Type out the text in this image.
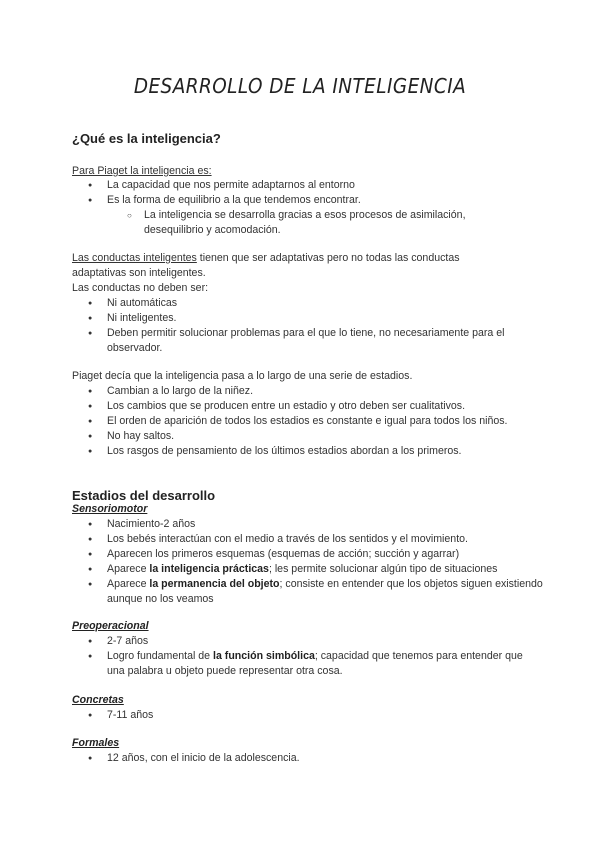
DESARROLLO DE LA INTELIGENCIA
¿Qué es la inteligencia?
Para Piaget la inteligencia es:
● La capacidad que nos permite adaptarnos al entorno
● Es la forma de equilibrio a la que tendemos encontrar.
○ La inteligencia se desarrolla gracias a esos procesos de asimilación, desequilibrio y acomodación.
Las conductas inteligentes tienen que ser adaptativas pero no todas las conductas adaptativas son inteligentes.
Las conductas no deben ser:
● Ni automáticas
● Ni inteligentes.
● Deben permitir solucionar problemas para el que lo tiene, no necesariamente para el observador.
Piaget decía que la inteligencia pasa a lo largo de una serie de estadios.
● Cambian a lo largo de la niñez.
● Los cambios que se producen entre un estadio y otro deben ser cualitativos.
● El orden de aparición de todos los estadios es constante e igual para todos los niños.
● No hay saltos.
● Los rasgos de pensamiento de los últimos estadios abordan a los primeros.
Estadios del desarrollo
Sensoriomotor
● Nacimiento-2 años
● Los bebés interactúan con el medio a través de los sentidos y el movimiento.
● Aparecen los primeros esquemas (esquemas de acción; succión y agarrar)
● Aparece la inteligencia prácticas; les permite solucionar algún tipo de situaciones
● Aparece la permanencia del objeto; consiste en entender que los objetos siguen existiendo aunque no los veamos
Preoperacional
● 2-7 años
● Logro fundamental de la función simbólica; capacidad que tenemos para entender que una palabra u objeto puede representar otra cosa.
Concretas
● 7-11 años
Formales
● 12 años, con el inicio de la adolescencia.
